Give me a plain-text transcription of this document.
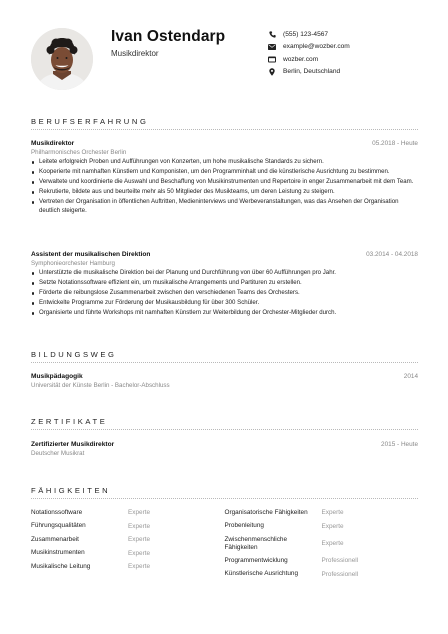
Ivan Ostendarp
Musikdirektor
(555) 123-4567
example@wozber.com
wozber.com
Berlin, Deutschland
BERUFSERFAHRUNG
Musikdirektor	05.2018 - Heute
Philharmonisches Orchester Berlin
Leitete erfolgreich Proben und Aufführungen von Konzerten, um hohe musikalische Standards zu sichern.
Kooperierte mit namhaften Künstlern und Komponisten, um den Programminhalt und die künstlerische Ausrichtung zu bestimmen.
Verwaltete und koordinierte die Auswahl und Beschaffung von Musikinstrumenten und Repertoire in enger Zusammenarbeit mit dem Team.
Rekrutierte, bildete aus und beurteilte mehr als 50 Mitglieder des Musikteams, um deren Leistung zu steigern.
Vertreten der Organisation in öffentlichen Auftritten, Medieninterviews und Werbeveranstaltungen, was das Ansehen der Organisation deutlich steigerte.
Assistent der musikalischen Direktion	03.2014 - 04.2018
Symphonieorchester Hamburg
Unterstützte die musikalische Direktion bei der Planung und Durchführung von über 60 Aufführungen pro Jahr.
Setzte Notationssoftware effizient ein, um musikalische Arrangements und Partituren zu erstellen.
Förderte die reibungslose Zusammenarbeit zwischen den verschiedenen Teams des Orchesters.
Entwickelte Programme zur Förderung der Musikausbildung für über 300 Schüler.
Organisierte und führte Workshops mit namhaften Künstlern zur Weiterbildung der Orchester-Mitglieder durch.
BILDUNGSWEG
Musikpädagogik	2014
Universität der Künste Berlin - Bachelor-Abschluss
ZERTIFIKATE
Zertifizierter Musikdirektor	2015 - Heute
Deutscher Musikrat
FÄHIGKEITEN
Notationssoftware	Experte
Führungsqualitäten	Experte
Zusammenarbeit	Experte
Musikinstrumenten	Experte
Musikalische Leitung	Experte
Organisatorische Fähigkeiten	Experte
Probenleitung	Experte
Zwischenmenschliche Fähigkeiten	Experte
Programmentwicklung	Professionell
Künstlerische Ausrichtung	Professionell
